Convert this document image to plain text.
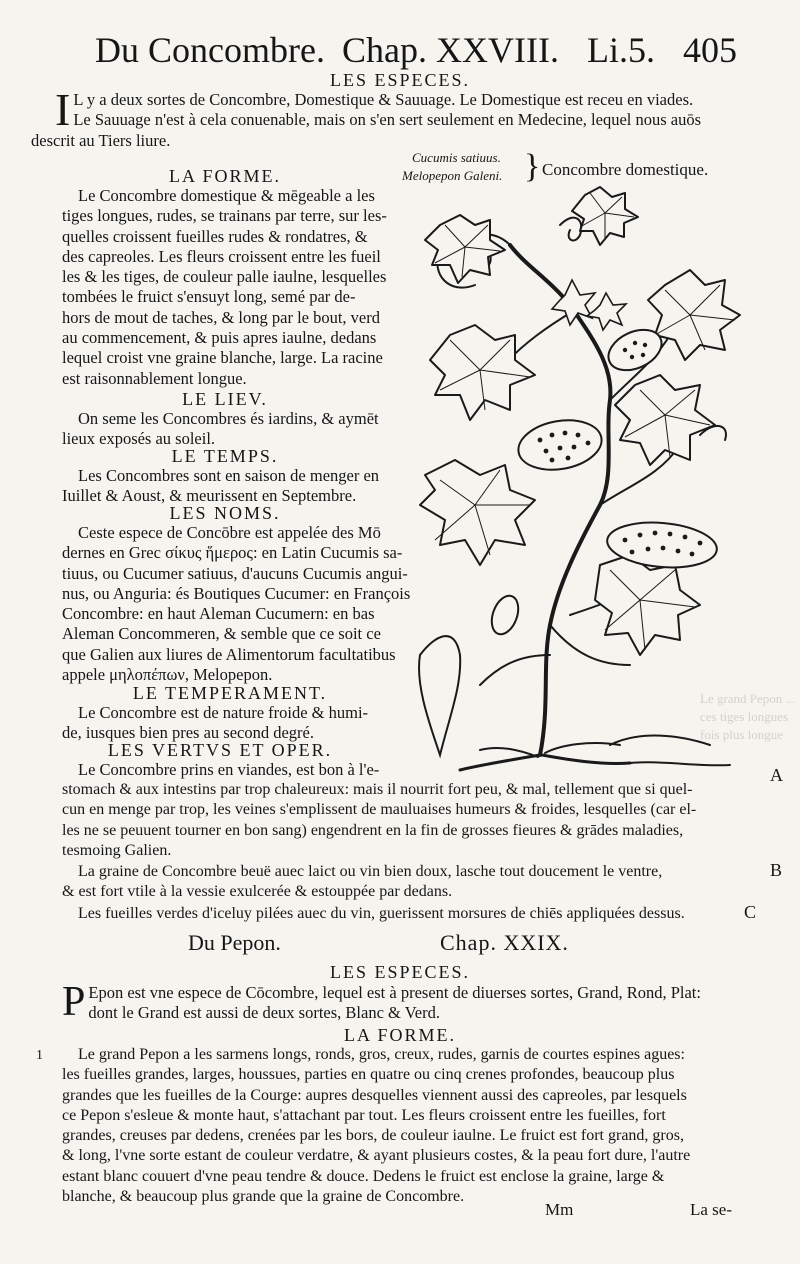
Du Concombre. Chap. XXVIII. Li.5. 405
LES ESPECES.
I L y a deux sortes de Concombre, Domestique & Sauuage. Le Domestique est receu en viades.
Le Sauuage n'est à cela conuenable, mais on s'en sert seulement en Medecine, lequel nous auōs
descrit au Tiers liure.
Cucumis satiuus.
Melopepon Galeni. } Concombre domestique.
LA FORME.
Le Concombre domestique & mēgeable a les
tiges longues, rudes, se trainans par terre, sur les-
quelles croissent fueilles rudes & rondatres, &
des capreoles. Les fleurs croissent entre les fueil
les & les tiges, de couleur palle iaulne, lesquelles
tombées le fruict s'ensuyt long, semé par de-
hors de mout de taches, & long par le bout, verd
au commencement, & puis apres iaulne, dedans
lequel croist vne graine blanche, large. La racine
est raisonnablement longue.
LE LIEV.
On seme les Concombres és iardins, & aymēt
lieux exposés au soleil.
LE TEMPS.
Les Concombres sont en saison de menger en
Iuillet & Aoust, & meurissent en Septembre.
LES NOMS.
Ceste espece de Concōbre est appelée des Mō
dernes en Grec σίκυς ἥμερος: en Latin Cucumis sa-
tiuus, ou Cucumer satiuus, d'aucuns Cucumis angui-
nus, ou Anguria: és Boutiques Cucumer: en François
Concombre: en haut Aleman Cucumern: en bas
Aleman Concommeren, & semble que ce soit ce
que Galien aux liures de Alimentorum facultatibus
appele μηλοπέπων, Melopepon.
LE TEMPERAMENT.
Le Concombre est de nature froide & humi-
de, iusques bien pres au second degré.
LES VERTVS ET OPER.
Le Concombre prins en viandes, est bon à l'e-
stomach & aux intestins par trop chaleureux: mais il nourrit fort peu, & mal, tellement que si quel-
cun en menge par trop, les veines s'emplissent de mauluaises humeurs & froides, lesquelles (car el-
les ne se peuuent tourner en bon sang) engendrent en la fin de grosses fieures & grādes maladies,
tesmoing Galien.
La graine de Concombre beuë auec laict ou vin bien doux, lasche tout doucement le ventre,
& est fort vtile à la vessie exulcerée & estouppée par dedans.
Les fueilles verdes d'iceluy pilées auec du vin, guerissent morsures de chiēs appliquées dessus.
A
B
C
Du Pepon.	Chap. XXIX.
LES ESPECES.
P Epon est vne espece de Cōcombre, lequel est à present de diuerses sortes, Grand, Rond, Plat:
dont le Grand est aussi de deux sortes, Blanc & Verd.
LA FORME.
1	Le grand Pepon a les sarmens longs, ronds, gros, creux, rudes, garnis de courtes espines agues:
les fueilles grandes, larges, houssues, parties en quatre ou cinq crenes profondes, beaucoup plus
grandes que les fueilles de la Courge: aupres desquelles viennent aussi des capreoles, par lesquels
ce Pepon s'esleue & monte haut, s'attachant par tout. Les fleurs croissent entre les fueilles, fort
grandes, creuses par dedens, crenées par les bors, de couleur iaulne. Le fruict est fort grand, gros,
& long, l'vne sorte estant de couleur verdatre, & ayant plusieurs costes, & la peau fort dure, l'autre
estant blanc couuert d'vne peau tendre & douce. Dedens le fruict est enclose la graine, large &
blanche, & beaucoup plus grande que la graine de Concombre.
Mm	La se-
Le grand Pepon ...
ces tiges longues
fois plus longue
